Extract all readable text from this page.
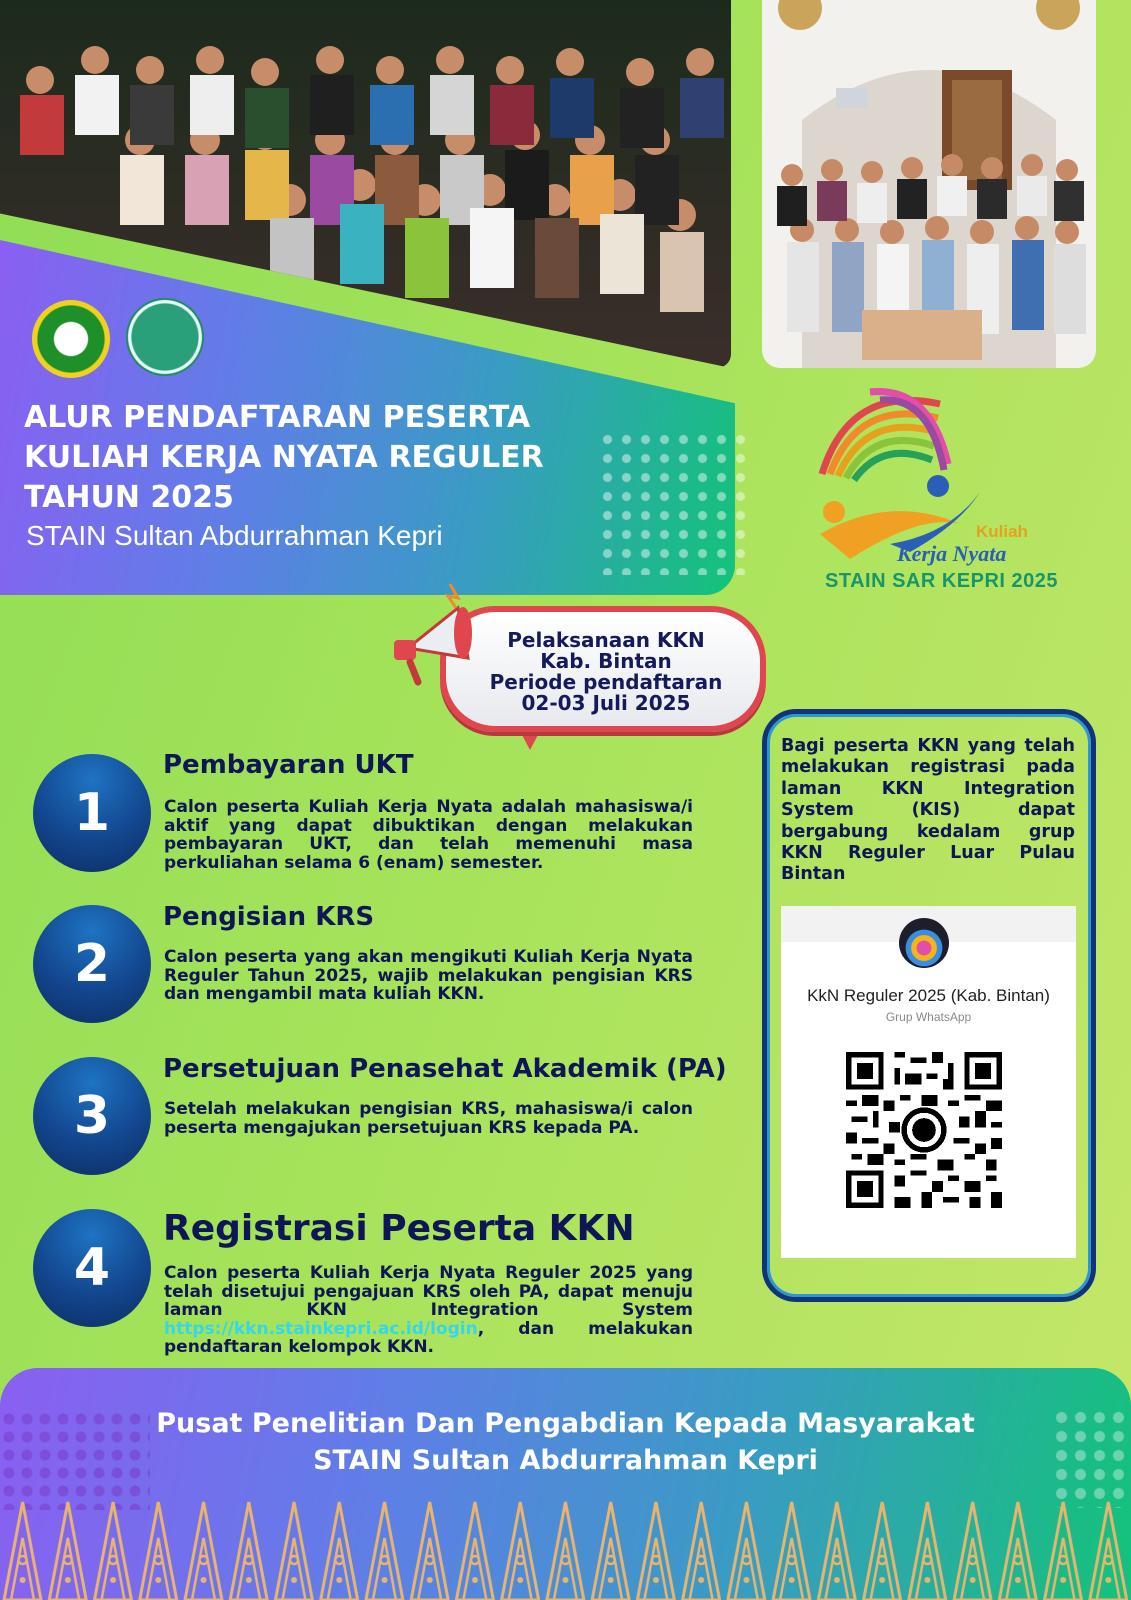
ALUR PENDAFTARAN PESERTA
KULIAH KERJA NYATA REGULER
TAHUN 2025
STAIN Sultan Abdurrahman Kepri	Kuliah
Kerja Nyata
STAIN SAR KEPRI 2025
Pelaksanaan KKN
Kab. Bintan
Periode pendaftaran
02-03 Juli 2025
1
Pembayaran UKT
Calon peserta Kuliah Kerja Nyata adalah mahasiswa/i aktif yang dapat dibuktikan dengan melakukan pembayaran UKT, dan telah memenuhi masa perkuliahan selama 6 (enam) semester.
2
Pengisian KRS
Calon peserta yang akan mengikuti Kuliah Kerja Nyata Reguler Tahun 2025, wajib melakukan pengisian KRS dan mengambil mata kuliah KKN.
3
Persetujuan Penasehat Akademik (PA)
Setelah melakukan pengisian KRS, mahasiswa/i calon peserta mengajukan persetujuan KRS kepada PA.
4
Registrasi Peserta KKN
Calon peserta Kuliah Kerja Nyata Reguler 2025 yang telah disetujui pengajuan KRS oleh PA, dapat menuju laman KKN Integration System https://kkn.stainkepri.ac.id/login, dan melakukan pendaftaran kelompok KKN.
Bagi peserta KKN yang telah melakukan registrasi pada laman KKN Integration System (KIS) dapat bergabung kedalam grup KKN Reguler Luar Pulau Bintan
KkN Reguler 2025 (Kab. Bintan)
Grup WhatsApp
Pusat Penelitian Dan Pengabdian Kepada Masyarakat
STAIN Sultan Abdurrahman Kepri
